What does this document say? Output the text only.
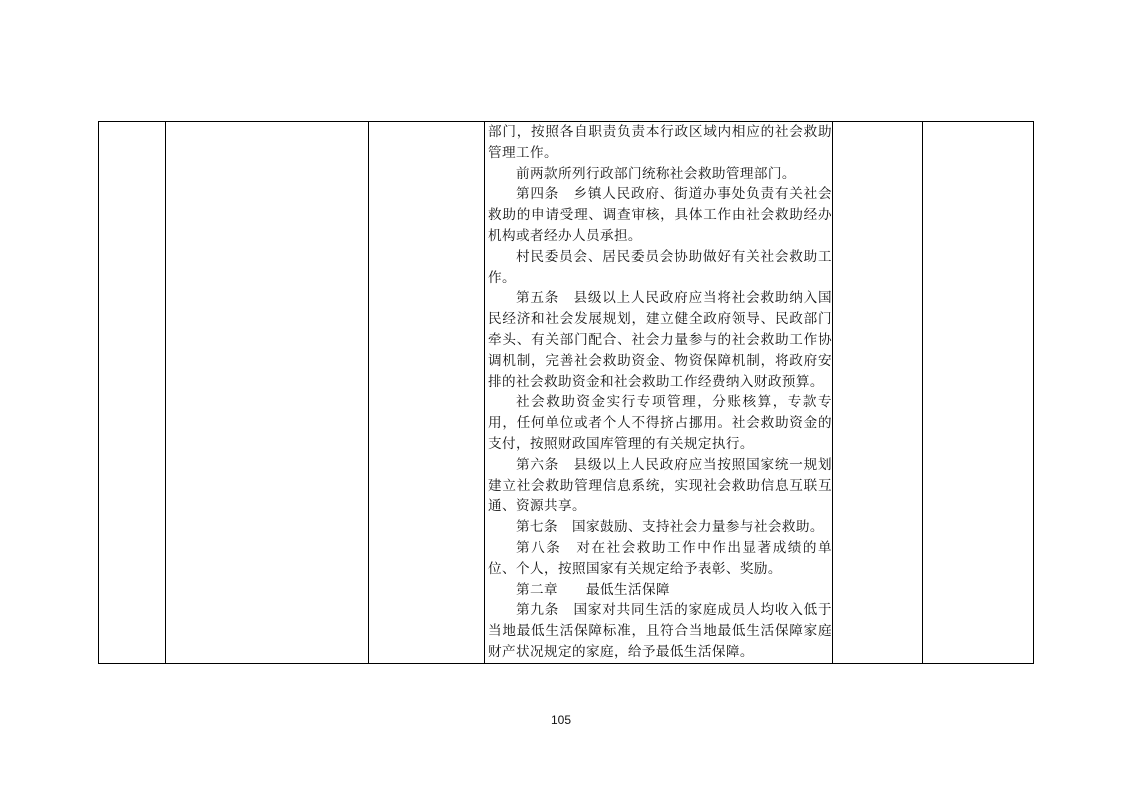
部门，按照各自职责负责本行政区域内相应的社会救助管理工作。

前两款所列行政部门统称社会救助管理部门。

第四条　乡镇人民政府、街道办事处负责有关社会救助的申请受理、调查审核，具体工作由社会救助经办机构或者经办人员承担。

村民委员会、居民委员会协助做好有关社会救助工作。

第五条　县级以上人民政府应当将社会救助纳入国民经济和社会发展规划，建立健全政府领导、民政部门牵头、有关部门配合、社会力量参与的社会救助工作协调机制，完善社会救助资金、物资保障机制，将政府安排的社会救助资金和社会救助工作经费纳入财政预算。

社会救助资金实行专项管理，分账核算，专款专用，任何单位或者个人不得挤占挪用。社会救助资金的支付，按照财政国库管理的有关规定执行。

第六条　县级以上人民政府应当按照国家统一规划建立社会救助管理信息系统，实现社会救助信息互联互通、资源共享。

第七条　国家鼓励、支持社会力量参与社会救助。

第八条　对在社会救助工作中作出显著成绩的单位、个人，按照国家有关规定给予表彰、奖励。

第二章　　最低生活保障

第九条　国家对共同生活的家庭成员人均收入低于当地最低生活保障标准，且符合当地最低生活保障家庭财产状况规定的家庭，给予最低生活保障。

105
